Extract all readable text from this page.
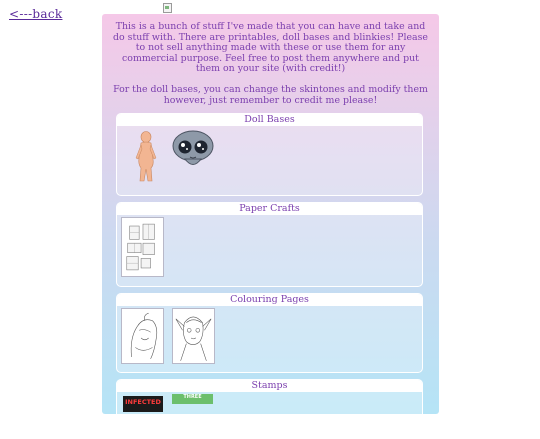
<---back

This is a bunch of stuff I've made that you can have and take and do stuff with. There are printables, doll bases and blinkies! Please to not sell anything made with these or use them for any commercial purpose. Feel free to post them anywhere and put them on your site (with credit!)

For the doll bases, you can change the skintones and modify them however, just remember to credit me please!

Doll Bases
Paper Crafts
Colouring Pages
Stamps
INFECTED
THREE
